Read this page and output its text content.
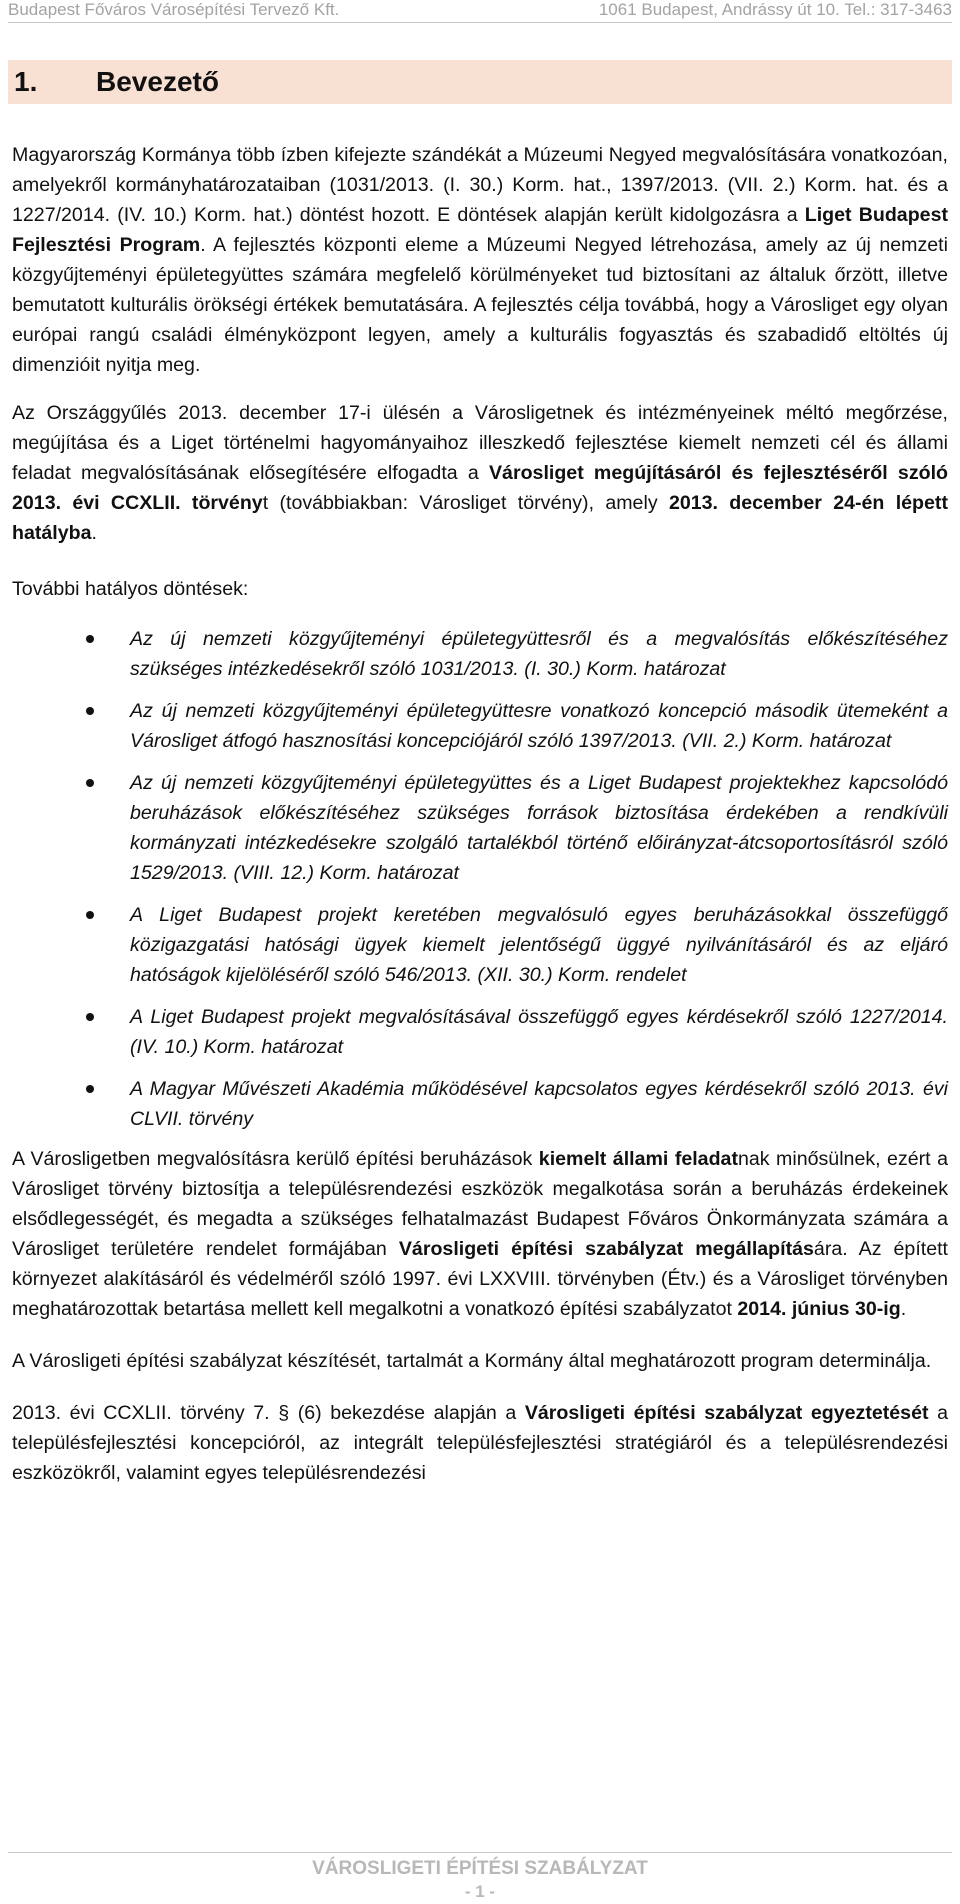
Budapest Főváros Városépítési Tervező Kft.	1061 Budapest, Andrássy út 10. Tel.: 317-3463
1. Bevezető

Magyarország Kormánya több ízben kifejezte szándékát a Múzeumi Negyed megvalósítására vonatkozóan, amelyekről kormányhatározataiban (1031/2013. (I. 30.) Korm. hat., 1397/2013. (VII. 2.) Korm. hat. és a 1227/2014. (IV. 10.) Korm. hat.) döntést hozott. E döntések alapján került kidolgozásra a Liget Budapest Fejlesztési Program. A fejlesztés központi eleme a Múzeumi Negyed létrehozása, amely az új nemzeti közgyűjteményi épületegyüttes számára megfelelő körülményeket tud biztosítani az általuk őrzött, illetve bemutatott kulturális örökségi értékek bemutatására. A fejlesztés célja továbbá, hogy a Városliget egy olyan európai rangú családi élményközpont legyen, amely a kulturális fogyasztás és szabadidő eltöltés új dimenzióit nyitja meg.

Az Országgyűlés 2013. december 17-i ülésén a Városligetnek és intézményeinek méltó megőrzése, megújítása és a Liget történelmi hagyományaihoz illeszkedő fejlesztése kiemelt nemzeti cél és állami feladat megvalósításának elősegítésére elfogadta a Városliget megújításáról és fejlesztéséről szóló 2013. évi CCXLII. törvényt (továbbiakban: Városliget törvény), amely 2013. december 24-én lépett hatályba.

További hatályos döntések:

Az új nemzeti közgyűjteményi épületegyüttesről és a megvalósítás előkészítéséhez szükséges intézkedésekről szóló 1031/2013. (I. 30.) Korm. határozat
Az új nemzeti közgyűjteményi épületegyüttesre vonatkozó koncepció második ütemeként a Városliget átfogó hasznosítási koncepciójáról szóló 1397/2013. (VII. 2.) Korm. határozat
Az új nemzeti közgyűjteményi épületegyüttes és a Liget Budapest projektekhez kapcsolódó beruházások előkészítéséhez szükséges források biztosítása érdekében a rendkívüli kormányzati intézkedésekre szolgáló tartalékból történő előirányzat-átcsoportosításról szóló 1529/2013. (VIII. 12.) Korm. határozat
A Liget Budapest projekt keretében megvalósuló egyes beruházásokkal összefüggő közigazgatási hatósági ügyek kiemelt jelentőségű üggyé nyilvánításáról és az eljáró hatóságok kijelöléséről szóló 546/2013. (XII. 30.) Korm. rendelet
A Liget Budapest projekt megvalósításával összefüggő egyes kérdésekről szóló 1227/2014. (IV. 10.) Korm. határozat
A Magyar Művészeti Akadémia működésével kapcsolatos egyes kérdésekről szóló 2013. évi CLVII. törvény

A Városligetben megvalósításra kerülő építési beruházások kiemelt állami feladatnak minősülnek, ezért a Városliget törvény biztosítja a településrendezési eszközök megalkotása során a beruházás érdekeinek elsődlegességét, és megadta a szükséges felhatalmazást Budapest Főváros Önkormányzata számára a Városliget területére rendelet formájában Városligeti építési szabályzat megállapítására. Az épített környezet alakításáról és védelméről szóló 1997. évi LXXVIII. törvényben (Étv.) és a Városliget törvényben meghatározottak betartása mellett kell megalkotni a vonatkozó építési szabályzatot 2014. június 30-ig.

A Városligeti építési szabályzat készítését, tartalmát a Kormány által meghatározott program determinálja.

2013. évi CCXLII. törvény 7. § (6) bekezdése alapján a Városligeti építési szabályzat egyeztetését a településfejlesztési koncepcióról, az integrált településfejlesztési stratégiáról és a településrendezési eszközökről, valamint egyes településrendezési

VÁROSLIGETI ÉPÍTÉSI SZABÁLYZAT
- 1 -
